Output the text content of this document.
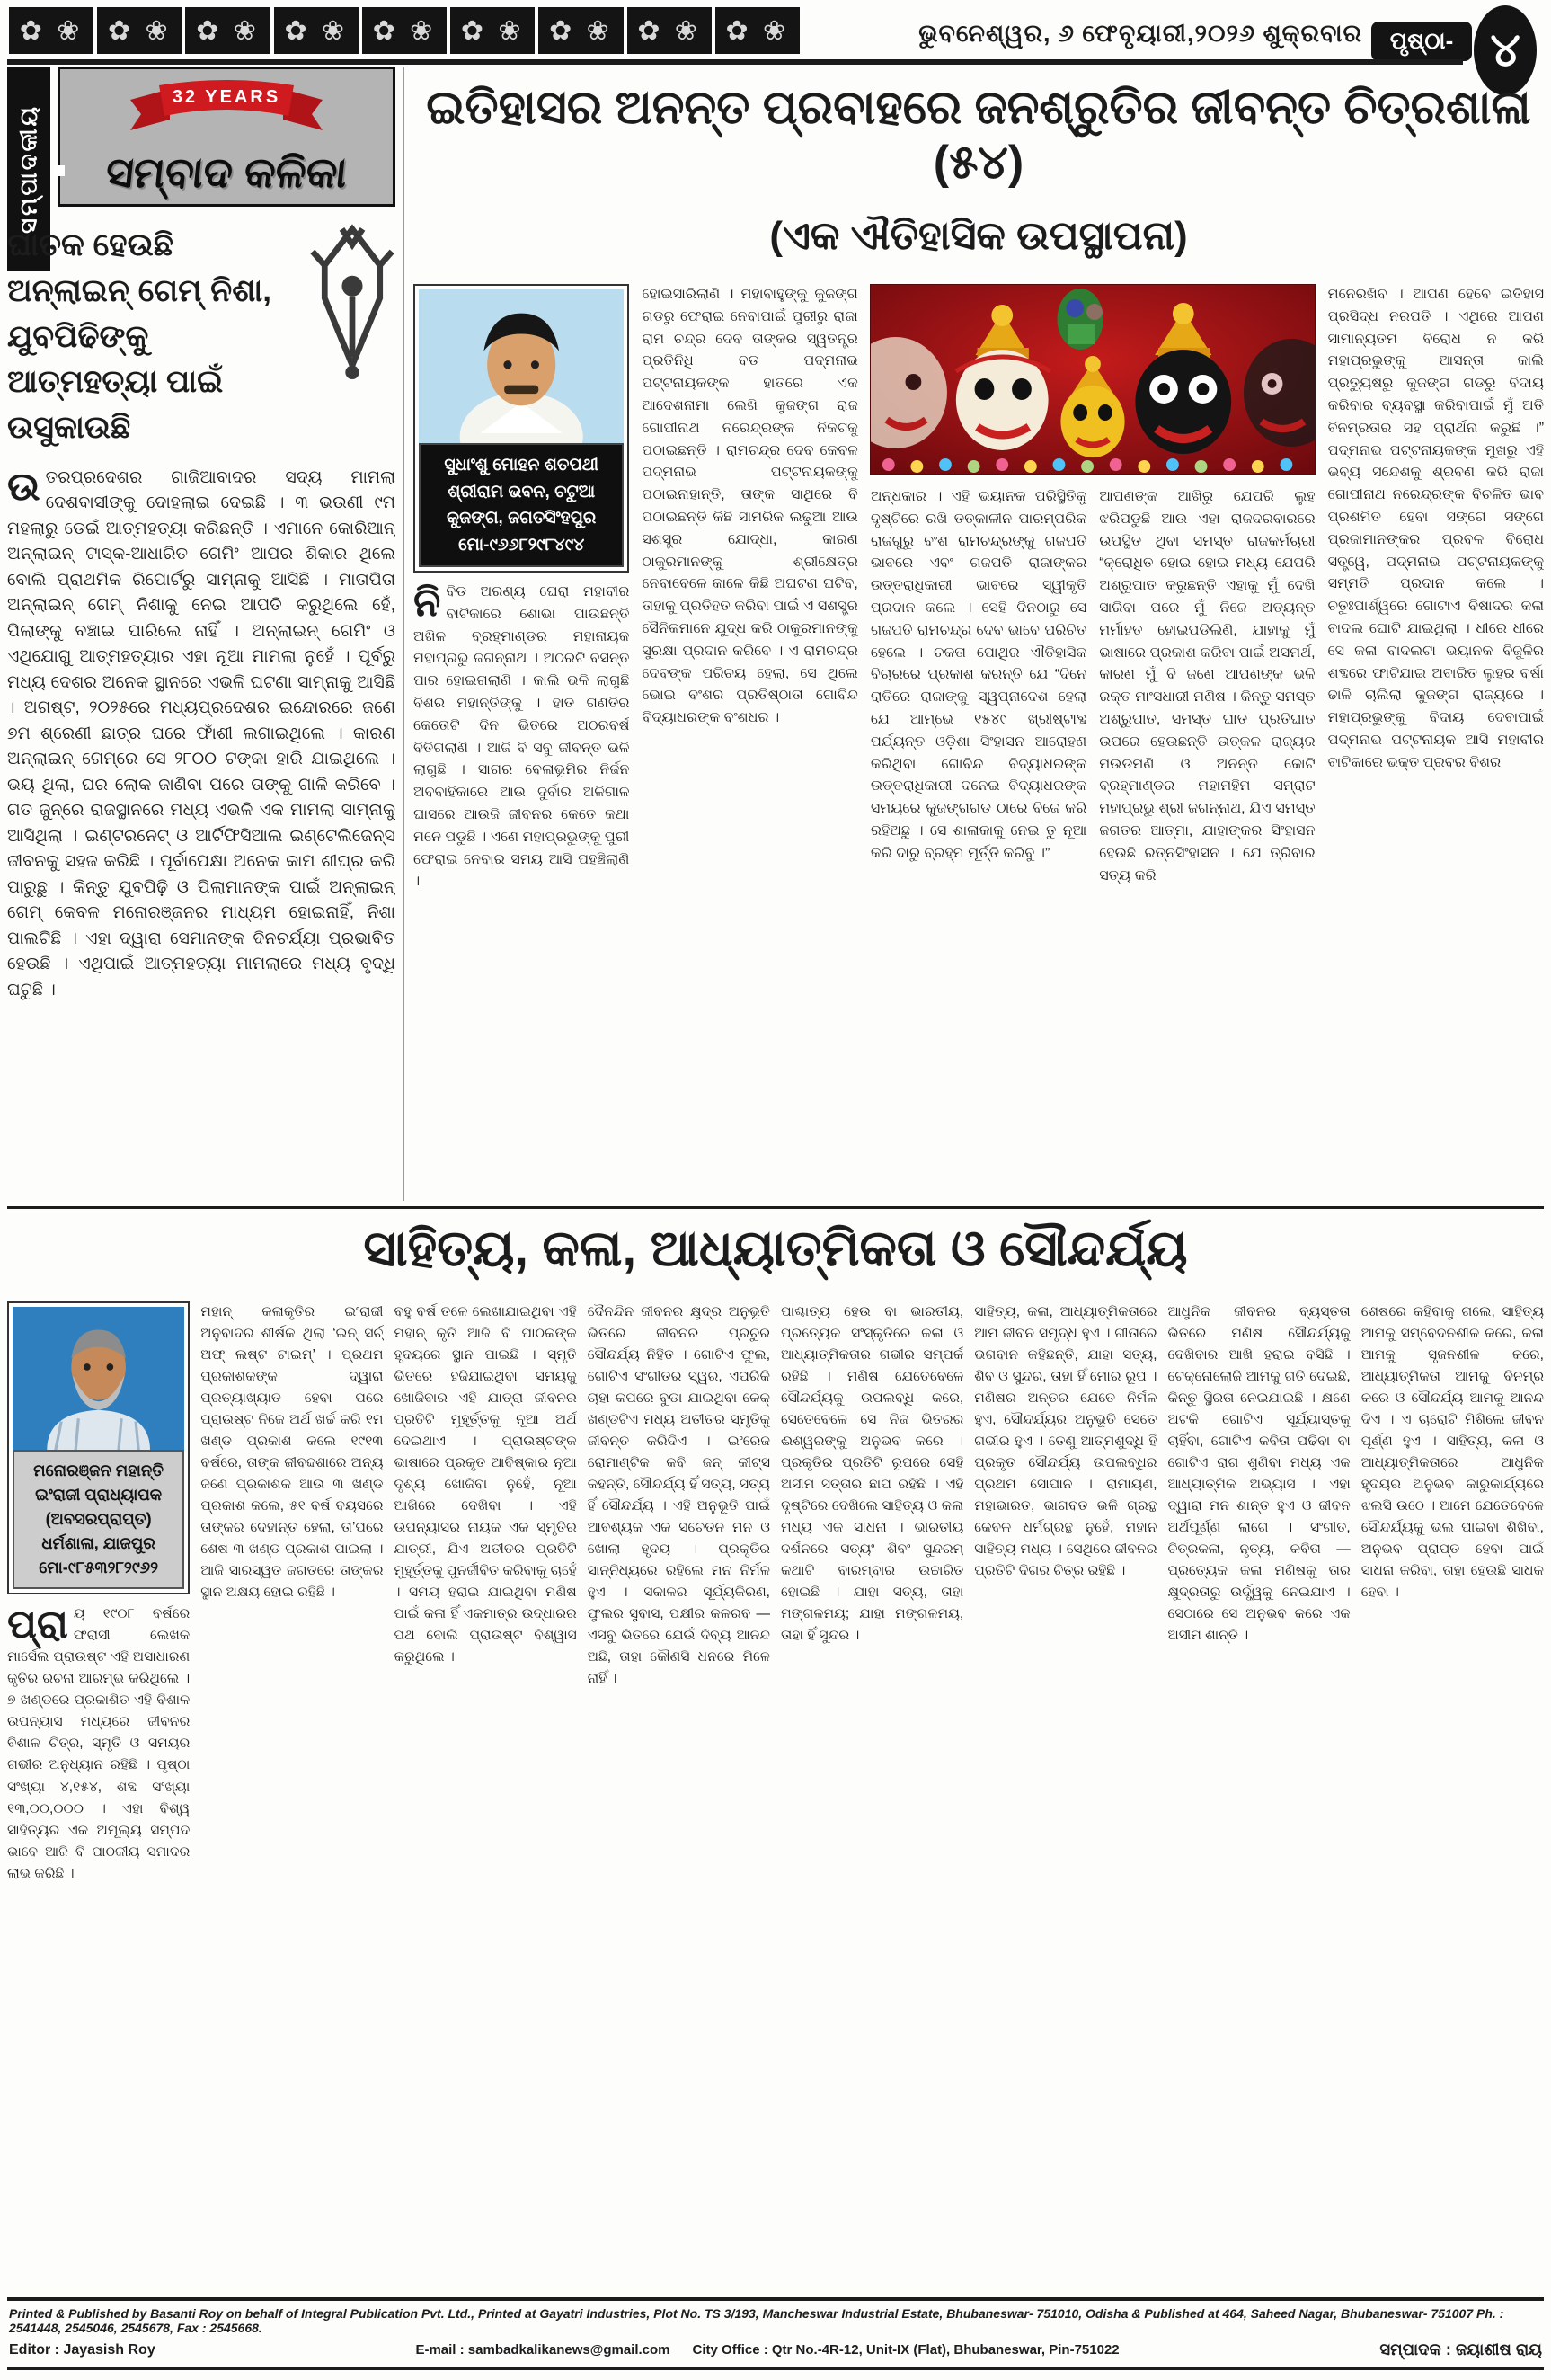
✿ ❀ ✿ ❀ ✿ ❀ ✿ ❀ ✿ ❀ ✿ ❀ ✿ ❀ ✿ ❀ ✿ ❀	ଭୁବନେଶ୍ୱର, ୬ ଫେବୃୟାରୀ,୨୦୨୬ ଶୁକ୍ରବାର	ପୃଷ୍ଠା- ୪
ସମ୍ପାଦକୀୟ
32 YEARS
ସମ୍ବାଦ କଳିକା
ଘାତକ ହେଉଛି ଅନ୍‌ଲାଇନ୍ ଗେମ୍ ନିଶା,
ଯୁବପିଢିଙ୍କୁ ଆତ୍ମହତ୍ୟା ପାଇଁ ଉସୁକାଉଛି
ଉତରପ୍ରଦେଶର ଗାଜିଆବାଦର ସଦ୍ୟ ମାମଲା ଦେଶବାସୀଙ୍କୁ ଦୋହଲାଇ ଦେଇଛି । ୩ ଭଉଣୀ ୯ମ ମହଲାରୁ ଡେଇଁ ଆତ୍ମହତ୍ୟା କରିଛନ୍ତି । ଏମାନେ କୋରିଆନ୍ ଅନ୍‌ଲାଇନ୍ ଟାସ୍କ-ଆଧାରିତ ଗେମିଂ ଆପର ଶିକାର ଥିଲେ ବୋଲି ପ୍ରାଥମିକ ରିପୋର୍ଟରୁ ସାମ୍ନାକୁ ଆସିଛି । ମାତାପିତା ଅନ୍‌ଲାଇନ୍ ଗେମ୍ ନିଶାକୁ ନେଇ ଆପତି କରୁଥିଲେ ହେଁ, ପିଲାଙ୍କୁ ବଞ୍ଚାଇ ପାରିଲେ ନାହିଁ । ଅନ୍‌ଲାଇନ୍ ଗେମିଂ ଓ ଏଥିଯୋଗୁ ଆତ୍ମହତ୍ୟାର ଏହା ନୂଆ ମାମଲା ନୁହେଁ । ପୂର୍ବରୁ ମଧ୍ୟ ଦେଶର ଅନେକ ସ୍ଥାନରେ ଏଭଳି ଘଟଣା ସାମ୍ନାକୁ ଆସିଛି । ଅଗଷ୍ଟ, ୨୦୨୫ରେ ମଧ୍ୟପ୍ରଦେଶର ଇନ୍ଦୋରରେ ଜଣେ ୭ମ ଶ୍ରେଣୀ ଛାତ୍ର ଘରେ ଫାଁଶୀ ଲଗାଇଥିଲେ । କାରଣ ଅନ୍‌ଲାଇନ୍ ଗେମ୍‌ରେ ସେ ୨୮୦୦ ଟଙ୍କା ହାରି ଯାଇଥିଲେ । ଭୟ ଥିଲା, ଘର ଲୋକ ଜାଣିବା ପରେ ତାଙ୍କୁ ଗାଳି କରିବେ । ଗତ ଜୁନ୍‌ରେ ରାଜସ୍ଥାନରେ ମଧ୍ୟ ଏଭଳି ଏକ ମାମଲା ସାମ୍ନାକୁ ଆସିଥିଲା । ଇଣ୍ଟରନେଟ୍ ଓ ଆର୍ଟିଫିସିଆଲ ଇଣ୍ଟେଲିଜେନ୍ସ ଜୀବନକୁ ସହଜ କରିଛି । ପୂର୍ବାପେକ୍ଷା ଅନେକ କାମ ଶୀଘ୍ର କରି ପାରୁଛୁ । କିନ୍ତୁ ଯୁବପିଢ଼ି ଓ ପିଲାମାନଙ୍କ ପାଇଁ ଅନ୍‌ଲାଇନ୍ ଗେମ୍ କେବଳ ମନୋରଞ୍ଜନର ମାଧ୍ୟମ ହୋଇନାହିଁ, ନିଶା ପାଲଟିଛି । ଏହା ଦ୍ୱାରା ସେମାନଙ୍କ ଦିନଚର୍ଯ୍ୟା ପ୍ରଭାବିତ ହେଉଛି । ଏଥିପାଇଁ ଆତ୍ମହତ୍ୟା ମାମଲାରେ ମଧ୍ୟ ବୃଦ୍ଧି ଘଟୁଛି ।
ଇତିହାସର ଅନନ୍ତ ପ୍ରବାହରେ ଜନଶ୍ରୁତିର ଜୀବନ୍ତ ଚିତ୍ରଶାଳା (୫୪)
(ଏକ ଐତିହାସିକ ଉପସ୍ଥାପନା)
ସୁଧାଂଶୁ ମୋହନ ଶତପଥୀ
ଶ୍ରୀରାମ ଭବନ, ଚଟୁଆ
କୁଜଙ୍ଗ, ଜଗତସିଂହପୁର
ମୋ-୯୬୬୮୨୯୮୪୯୪
ନି ବିଡ ଅରଣ୍ୟ ଘେରା ମହାବୀର ବାଟିକାରେ ଶୋଭା ପାଉଛନ୍ତି ଅଖିଳ ବ୍ରହ୍ମାଣ୍ଡର ମହାନାୟକ ମହାପ୍ରଭୁ ଜଗନ୍ନାଥ । ଅଠରଟି ବସନ୍ତ ପାର ହୋଇଗଲାଣି । କାଲି ଭଳି ଲାଗୁଛି ବିଶର ମହାନ୍ତିଙ୍କୁ । ହାତ ଗଣତିର କେତୋଟି ଦିନ ଭିତରେ ଅଠରବର୍ଷ ବିତିଗଲାଣି । ଆଜି ବି ସବୁ ଜୀବନ୍ତ ଭଳି ଲାଗୁଛି । ସାଗର ବେଳାଭୂମିର ନିର୍ଜନ ଅବବାହିକାରେ ଆଉ ଦୁର୍ବାର ଅଳିଗାଳ ଘାସରେ ଆଉଜି ଜୀବନର କେତେ କଥା ମନେ ପଡୁଛି । ଏଣେ ମହାପ୍ରଭୁଙ୍କୁ ପୁରୀ ଫେରାଇ ନେବାର ସମୟ ଆସି ପହଞ୍ଚିଲାଣି ।
ହୋଇସାରିଲାଣି । ମହାବାହୁଙ୍କୁ କୁଜଙ୍ଗ ଗଡରୁ ଫେରାଇ ନେବାପାଇଁ ପୁରୀରୁ ରାଜା ରାମ ଚନ୍ଦ୍ର ଦେବ ତାଙ୍କର ସ୍ୱତନ୍ତ୍ର ପ୍ରତିନିଧି ବଡ ପଦ୍ମନାଭ ପଟ୍ଟନାୟକଙ୍କ ହାତରେ ଏକ ଆଦେଶନାମା ଲେଖି କୁଜଙ୍ଗ ରାଜ ଗୋପୀନାଥ ନରେନ୍ଦ୍ରଙ୍କ ନିକଟକୁ ପଠାଇଛନ୍ତି । ରାମଚନ୍ଦ୍ର ଦେବ କେବଳ ପଦ୍ମନାଭ ପଟ୍ଟନାୟକଙ୍କୁ ପଠାଇନାହାନ୍ତି, ତାଙ୍କ ସାଥିରେ ବି ପଠାଇଛନ୍ତି କିଛି ସାମରିକ ଲଢୁଆ ଆଉ ସଶସ୍ତ୍ର ଯୋଦ୍ଧା, କାରଣ ଠାକୁରମାନଙ୍କୁ ଶ୍ରୀକ୍ଷେତ୍ର ନେବାବେଳେ କାଳେ କିଛି ଅଘଟଣ ଘଟିବ, ତାହାକୁ ପ୍ରତିହତ କରିବା ପାଇଁ ଏ ସଶସ୍ତ୍ର ସୈନିକମାନେ ଯୁଦ୍ଧ କରି ଠାକୁରମାନଙ୍କୁ ସୁରକ୍ଷା ପ୍ରଦାନ କରିବେ । ଏ ରାମଚନ୍ଦ୍ର ଦେବଙ୍କ ପରିଚୟ ହେଲା, ସେ ଥିଲେ ଭୋଇ ବଂଶର ପ୍ରତିଷ୍ଠାତା ଗୋବିନ୍ଦ ବିଦ୍ୟାଧରଙ୍କ ବଂଶଧର ।
ଅନ୍ଧକାର । ଏହି ଭୟାନକ ପରିସ୍ଥିତିକୁ ଦୃଷ୍ଟିରେ ରଖି ତତ୍କାଳୀନ ପାରମ୍ପରିକ ରାଜଗୁରୁ ବଂଶ ରାମଚନ୍ଦ୍ରଙ୍କୁ ଗଜପତି ଭାବରେ ଏବଂ ଗଜପତି ରାଜାଙ୍କର ଉତ୍ତରାଧିକାରୀ ଭାବରେ ସ୍ୱୀକୃତି ପ୍ରଦାନ କଲେ । ସେହି ଦିନଠାରୁ ସେ ଗଜପତି ରାମଚନ୍ଦ୍ର ଦେବ ଭାବେ ପରିଚିତ ହେଲେ । ଚକତା ପୋଥିର ଐତିହାସିକ ବିଚାରରେ ପ୍ରକାଶ କରନ୍ତି ଯେ “ଦିନେ ରାତିରେ ରାଜାଙ୍କୁ ସ୍ୱପ୍ନାଦେଶ ହେଲା ଯେ ଆମ୍ଭେ ୧୫୪୯ ଖ୍ରୀଷ୍ଟାବ୍ଦ ପର୍ଯ୍ୟନ୍ତ ଓଡ଼ିଶା ସିଂହାସନ ଆରୋହଣ କରିଥିବା ଗୋବିନ୍ଦ ବିଦ୍ୟାଧରଙ୍କ ଉତ୍ତରାଧିକାରୀ ଦନେଇ ବିଦ୍ୟାଧରଙ୍କ ସମୟରେ କୁଜଙ୍ଗଗଡ ଠାରେ ବିଜେ କରି ରହିଅଛୁ । ସେ ଶାଳାକାକୁ ନେଇ ତୁ ନୂଆ କରି ଦାରୁ ବ୍ରହ୍ମ ମୂର୍ତ୍ତି କରିବୁ ।”
ଆପଣଙ୍କ ଆଖିରୁ ଯେପରି ଲୁହ ଝରିପଡୁଛି ଆଉ ଏହା ରାଜଦରବାରରେ ଉପସ୍ଥିତ ଥିବା ସମସ୍ତ ରାଜକର୍ମଚାରୀ “କ୍ରୋଧିତ ହୋଇ ହୋଇ ମଧ୍ୟ ଯେପରି ଅଶ୍ରୁପାତ କରୁଛନ୍ତି ଏହାକୁ ମୁଁ ଦେଖି ସାରିବା ପରେ ମୁଁ ନିଜେ ଅତ୍ୟନ୍ତ ମର୍ମାହତ ହୋଇପଡିଲିଣି, ଯାହାକୁ ମୁଁ ଭାଷାରେ ପ୍ରକାଶ କରିବା ପାଇଁ ଅସମର୍ଥ, କାରଣ ମୁଁ ବି ଜଣେ ଆପଣଙ୍କ ଭଳି ରକ୍ତ ମାଂସଧାରୀ ମଣିଷ । କିନ୍ତୁ ସମସ୍ତ ଅଶ୍ରୁପାତ, ସମସ୍ତ ଘାତ ପ୍ରତିଘାତ ଉପରେ ହେଉଛନ୍ତି ଉତ୍କଳ ରାଜ୍ୟର ମଉଡମଣି ଓ ଅନନ୍ତ କୋଟି ବ୍ରହ୍ମାଣ୍ଡର ମହାମହିମ ସମ୍ରାଟ ମହାପ୍ରଭୁ ଶ୍ରୀ ଜଗନ୍ନାଥ, ଯିଏ ସମସ୍ତ ଜଗତର ଆତ୍ମା, ଯାହାଙ୍କର ସିଂହାସନ ହେଉଛି ରତ୍ନସିଂହାସନ । ଯେ ତ୍ରିବାର ସତ୍ୟ କରି
ମନେରଖିବ । ଆପଣ ହେବେ ଇତିହାସ ପ୍ରସିଦ୍ଧ ନରପତି । ଏଥିରେ ଆପଣ ସାମାନ୍ୟତମ ବିରୋଧ ନ କରି ମହାପ୍ରଭୁଙ୍କୁ ଆସନ୍ତା କାଲି ପ୍ରତ୍ୟୁଷରୁ କୁଜଙ୍ଗ ଗଡରୁ ବିଦାୟ କରିବାର ବ୍ୟବସ୍ଥା କରିବାପାଇଁ ମୁଁ ଅତି ବିନମ୍ରତାର ସହ ପ୍ରାର୍ଥନା କରୁଛି ।” ପଦ୍ମନାଭ ପଟ୍ଟନାୟକଙ୍କ ମୁଖରୁ ଏହି ଭବ୍ୟ ସନ୍ଦେଶକୁ ଶ୍ରବଣ କରି ରାଜା ଗୋପୀନାଥ ନରେନ୍ଦ୍ରଙ୍କ ବିଚଳିତ ଭାବ ପ୍ରଶମିତ ହେବା ସଙ୍ଗେ ସଙ୍ଗେ ପ୍ରଜାମାନଙ୍କର ପ୍ରବଳ ବିରୋଧ ସତ୍ତ୍ୱେ, ପଦ୍ମନାଭ ପଟ୍ଟନାୟକଙ୍କୁ ସମ୍ମତି ପ୍ରଦାନ କଲେ । ଚତୁଃପାର୍ଶ୍ୱରେ ଗୋଟାଏ ବିଷାଦର କଳା ବାଦଲ ଘୋଟି ଯାଇଥିଲା । ଧୀରେ ଧୀରେ ସେ କଳା ବାଦଲଟା ଭୟାନକ ବିଜୁଳିର ଶବ୍ଦରେ ଫାଟିଯାଇ ଅବାରିତ ଲୁହର ବର୍ଷା ଢାଳି ଚାଲିଲା କୁଜଙ୍ଗ ରାଜ୍ୟରେ । ମହାପ୍ରଭୁଙ୍କୁ ବିଦାୟ ଦେବାପାଇଁ ପଦ୍ମନାଭ ପଟ୍ଟନାୟକ ଆସି ମହାବୀର ବାଟିକାରେ ଭକ୍ତ ପ୍ରବର ବିଶର
ସାହିତ୍ୟ, କଳା, ଆଧ୍ୟାତ୍ମିକତା ଓ ସୌନ୍ଦର୍ଯ୍ୟ
ମନୋରଞ୍ଜନ ମହାନ୍ତି
ଇଂରାଜୀ ପ୍ରାଧ୍ୟାପକ
(ଅବସରପ୍ରାପ୍ତ)
ଧର୍ମଶାଳା, ଯାଜପୁର
ମୋ-୯୮୫୩୨୮୨୯୬୨
ପ୍ରା ୟ ୧୯୦୮ ବର୍ଷରେ ଫରାସୀ ଲେଖକ ମାର୍ସେଲ ପ୍ରାଉଷ୍ଟ ଏହି ଅସାଧାରଣ କୃତିର ରଚନା ଆରମ୍ଭ କରିଥିଲେ । ୭ ଖଣ୍ଡରେ ପ୍ରକାଶିତ ଏହି ବିଶାଳ ଉପନ୍ୟାସ ମଧ୍ୟରେ ଜୀବନର ବିଶାଳ ଚିତ୍ର, ସ୍ମୃତି ଓ ସମୟର ଗଭୀର ଅନୁଧ୍ୟାନ ରହିଛି । ପୃଷ୍ଠା ସଂଖ୍ୟା ୪,୧୫୪, ଶବ୍ଦ ସଂଖ୍ୟା ୧୩,୦୦,୦୦୦ । ଏହା ବିଶ୍ୱ ସାହିତ୍ୟର ଏକ ଅମୂଲ୍ୟ ସମ୍ପଦ ଭାବେ ଆଜି ବି ପାଠକୀୟ ସମାଦର ଲାଭ କରିଛି ।
ମହାନ୍ କଳାକୃତିର ଇଂରାଜୀ ଅନୁବାଦର ଶୀର୍ଷକ ଥିଲା ‘ଇନ୍ ସର୍ଚ୍ ଅଫ୍ ଲଷ୍ଟ ଟାଇମ୍’ । ପ୍ରଥମ ପ୍ରକାଶକଙ୍କ ଦ୍ୱାରା ପ୍ରତ୍ୟାଖ୍ୟାତ ହେବା ପରେ ପ୍ରାଉଷ୍ଟ ନିଜେ ଅର୍ଥ ଖର୍ଚ୍ଚ କରି ୧ମ ଖଣ୍ଡ ପ୍ରକାଶ କଲେ ୧୯୧୩ ବର୍ଷରେ, ତାଙ୍କ ଜୀବଦ୍ଦଶାରେ ଅନ୍ୟ ଜଣେ ପ୍ରକାଶକ ଆଉ ୩ ଖଣ୍ଡ ପ୍ରକାଶ କଲେ, ୫୧ ବର୍ଷ ବୟସରେ ତାଙ୍କର ଦେହାନ୍ତ ହେଲା, ତା’ପରେ ଶେଷ ୩ ଖଣ୍ଡ ପ୍ରକାଶ ପାଇଲା । ଆଜି ସାରସ୍ୱତ ଜଗତରେ ତାଙ୍କର ସ୍ଥାନ ଅକ୍ଷୟ ହୋଇ ରହିଛି ।
ବହୁ ବର୍ଷ ତଳେ ଲେଖାଯାଇଥିବା ଏହି ମହାନ୍ କୃତି ଆଜି ବି ପାଠକଙ୍କ ହୃଦୟରେ ସ୍ଥାନ ପାଇଛି । ସ୍ମୃତି ଭିତରେ ହଜିଯାଇଥିବା ସମୟକୁ ଖୋଜିବାର ଏହି ଯାତ୍ରା ଜୀବନର ପ୍ରତିଟି ମୁହୂର୍ତ୍ତକୁ ନୂଆ ଅର୍ଥ ଦେଇଥାଏ । ପ୍ରାଉଷ୍ଟଙ୍କ ଭାଷାରେ ପ୍ରକୃତ ଆବିଷ୍କାର ନୂଆ ଦୃଶ୍ୟ ଖୋଜିବା ନୁହେଁ, ନୂଆ ଆଖିରେ ଦେଖିବା । ଏହି ଉପନ୍ୟାସର ନାୟକ ଏକ ସ୍ମୃତିର ଯାତ୍ରୀ, ଯିଏ ଅତୀତର ପ୍ରତିଟି ମୁହୂର୍ତ୍ତକୁ ପୁନର୍ଜୀବିତ କରିବାକୁ ଚାହେଁ । ସମୟ ହରାଇ ଯାଇଥିବା ମଣିଷ ପାଇଁ କଳା ହିଁ ଏକମାତ୍ର ଉଦ୍ଧାରର ପଥ ବୋଲି ପ୍ରାଉଷ୍ଟ ବିଶ୍ୱାସ କରୁଥିଲେ ।
ଦୈନନ୍ଦିନ ଜୀବନର କ୍ଷୁଦ୍ର ଅନୁଭୂତି ଭିତରେ ଜୀବନର ପ୍ରଚୁର ସୌନ୍ଦର୍ଯ୍ୟ ନିହିତ । ଗୋଟିଏ ଫୁଲ, ଗୋଟିଏ ସଂଗୀତର ସ୍ୱର, ଏପରିକି ଚାହା କପରେ ବୁଡା ଯାଇଥିବା କେକ୍ ଖଣ୍ଡଟିଏ ମଧ୍ୟ ଅତୀତର ସ୍ମୃତିକୁ ଜୀବନ୍ତ କରିଦିଏ । ଇଂରେଜ ରୋମାଣ୍ଟିକ କବି ଜନ୍ କୀଟ୍ସ କହନ୍ତି, ସୌନ୍ଦର୍ଯ୍ୟ ହିଁ ସତ୍ୟ, ସତ୍ୟ ହିଁ ସୌନ୍ଦର୍ଯ୍ୟ । ଏହି ଅନୁଭୂତି ପାଇଁ ଆବଶ୍ୟକ ଏକ ସଚେତନ ମନ ଓ ଖୋଲା ହୃଦୟ । ପ୍ରକୃତିର ସାନ୍ନିଧ୍ୟରେ ରହିଲେ ମନ ନିର୍ମଳ ହୁଏ । ସକାଳର ସୂର୍ଯ୍ୟକିରଣ, ଫୁଲର ସୁବାସ, ପକ୍ଷୀର କଳରବ — ଏସବୁ ଭିତରେ ଯେଉଁ ଦିବ୍ୟ ଆନନ୍ଦ ଅଛି, ତାହା କୌଣସି ଧନରେ ମିଳେ ନାହିଁ ।
ପାଶ୍ଚାତ୍ୟ ହେଉ ବା ଭାରତୀୟ, ପ୍ରତ୍ୟେକ ସଂସ୍କୃତିରେ କଳା ଓ ଆଧ୍ୟାତ୍ମିକତାର ଗଭୀର ସମ୍ପର୍କ ରହିଛି । ମଣିଷ ଯେତେବେଳେ ସୌନ୍ଦର୍ଯ୍ୟକୁ ଉପଲବ୍ଧି କରେ, ସେତେବେଳେ ସେ ନିଜ ଭିତରର ଈଶ୍ୱରଙ୍କୁ ଅନୁଭବ କରେ । ପ୍ରକୃତିର ପ୍ରତିଟି ରୂପରେ ସେହି ଅସୀମ ସତ୍ତାର ଛାପ ରହିଛି । ଏହି ଦୃଷ୍ଟିରେ ଦେଖିଲେ ସାହିତ୍ୟ ଓ କଳା ମଧ୍ୟ ଏକ ସାଧନା । ଭାରତୀୟ ଦର୍ଶନରେ ସତ୍ୟଂ ଶିବଂ ସୁନ୍ଦରମ୍ କଥାଟି ବାରମ୍ବାର ଉଚ୍ଚାରିତ ହୋଇଛି । ଯାହା ସତ୍ୟ, ତାହା ମଙ୍ଗଳମୟ; ଯାହା ମଙ୍ଗଳମୟ, ତାହା ହିଁ ସୁନ୍ଦର ।
ସାହିତ୍ୟ, କଳା, ଆଧ୍ୟାତ୍ମିକତାରେ ଆମ ଜୀବନ ସମୃଦ୍ଧ ହୁଏ । ଗୀତାରେ ଭଗବାନ କହିଛନ୍ତି, ଯାହା ସତ୍ୟ, ଶିବ ଓ ସୁନ୍ଦର, ତାହା ହିଁ ମୋର ରୂପ । ମଣିଷର ଅନ୍ତର ଯେତେ ନିର୍ମଳ ହୁଏ, ସୌନ୍ଦର୍ଯ୍ୟର ଅନୁଭୂତି ସେତେ ଗଭୀର ହୁଏ । ତେଣୁ ଆତ୍ମଶୁଦ୍ଧି ହିଁ ପ୍ରକୃତ ସୌନ୍ଦର୍ଯ୍ୟ ଉପଲବ୍ଧିର ପ୍ରଥମ ସୋପାନ । ରାମାୟଣ, ମହାଭାରତ, ଭାଗବତ ଭଳି ଗ୍ରନ୍ଥ କେବଳ ଧର୍ମଗ୍ରନ୍ଥ ନୁହେଁ, ମହାନ ସାହିତ୍ୟ ମଧ୍ୟ । ସେଥିରେ ଜୀବନର ପ୍ରତିଟି ଦିଗର ଚିତ୍ର ରହିଛି ।
ଆଧୁନିକ ଜୀବନର ବ୍ୟସ୍ତତା ଭିତରେ ମଣିଷ ସୌନ୍ଦର୍ଯ୍ୟକୁ ଦେଖିବାର ଆଖି ହରାଇ ବସିଛି । ଟେକ୍ନୋଲୋଜି ଆମକୁ ଗତି ଦେଇଛି, କିନ୍ତୁ ସ୍ଥିରତା ନେଇଯାଇଛି । କ୍ଷଣେ ଅଟକି ଗୋଟିଏ ସୂର୍ଯ୍ୟାସ୍ତକୁ ଚାହିଁବା, ଗୋଟିଏ କବିତା ପଢିବା ବା ଗୋଟିଏ ରାଗ ଶୁଣିବା ମଧ୍ୟ ଏକ ଆଧ୍ୟାତ୍ମିକ ଅଭ୍ୟାସ । ଏହା ଦ୍ୱାରା ମନ ଶାନ୍ତ ହୁଏ ଓ ଜୀବନ ଅର୍ଥପୂର୍ଣ୍ଣ ଲାଗେ । ସଂଗୀତ, ଚିତ୍ରକଳା, ନୃତ୍ୟ, କବିତା — ପ୍ରତ୍ୟେକ କଳା ମଣିଷକୁ ତାର କ୍ଷୁଦ୍ରତାରୁ ଉର୍ଦ୍ଧ୍ୱକୁ ନେଇଯାଏ । ସେଠାରେ ସେ ଅନୁଭବ କରେ ଏକ ଅସୀମ ଶାନ୍ତି ।
ଶେଷରେ କହିବାକୁ ଗଲେ, ସାହିତ୍ୟ ଆମକୁ ସମ୍ବେଦନଶୀଳ କରେ, କଳା ଆମକୁ ସୃଜନଶୀଳ କରେ, ଆଧ୍ୟାତ୍ମିକତା ଆମକୁ ବିନମ୍ର କରେ ଓ ସୌନ୍ଦର୍ଯ୍ୟ ଆମକୁ ଆନନ୍ଦ ଦିଏ । ଏ ଚାରୋଟି ମିଶିଲେ ଜୀବନ ପୂର୍ଣ୍ଣ ହୁଏ । ସାହିତ୍ୟ, କଳା ଓ ଆଧ୍ୟାତ୍ମିକତାରେ ଆଧୁନିକ ହୃଦୟର ଅନୁଭବ କାରୁକାର୍ଯ୍ୟରେ ଝଲସି ଉଠେ । ଆମେ ଯେତେବେଳେ ସୌନ୍ଦର୍ଯ୍ୟକୁ ଭଲ ପାଇବା ଶିଖିବା, ଅନୁଭବ ପ୍ରାପ୍ତ ହେବା ପାଇଁ ସାଧନା କରିବା, ତାହା ହେଉଛି ସାଧକ ହେବା ।
Printed & Published by Basanti Roy on behalf of Integral Publication Pvt. Ltd., Printed at Gayatri Industries, Plot No. TS 3/193, Mancheswar Industrial Estate, Bhubaneswar- 751010, Odisha & Published at 464, Saheed Nagar, Bhubaneswar- 751007 Ph. : 2541448, 2545046, 2545678, Fax : 2545668.
Editor : Jayasish Roy	E-mail : sambadkalikanews@gmail.com City Office : Qtr No.-4R-12, Unit-IX (Flat), Bhubaneswar, Pin-751022	ସମ୍ପାଦକ : ଜୟାଶୀଷ ରାୟ
